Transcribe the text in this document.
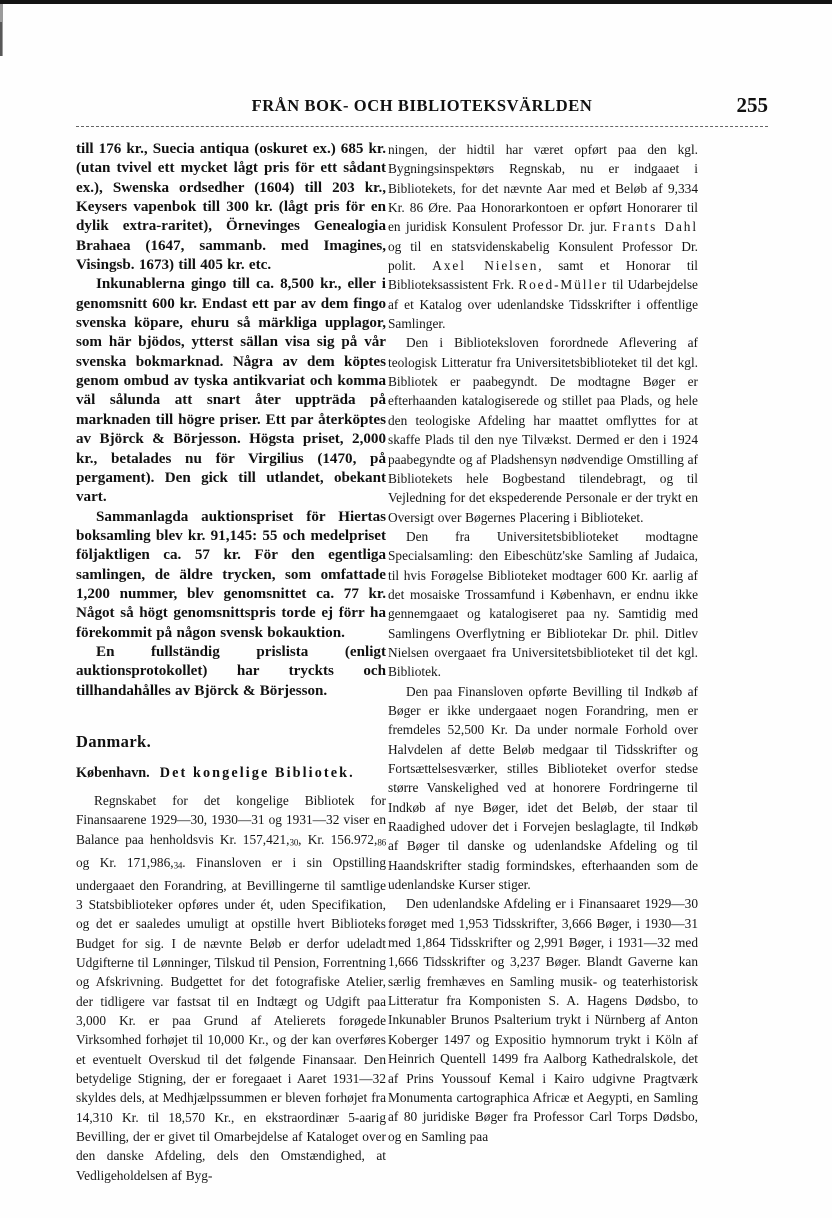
FRÅN BOK- OCH BIBLIOTEKSVÄRLDEN	255

till 176 kr., Suecia antiqua (oskuret ex.) 685 kr. (utan tvivel ett mycket lågt pris för ett sådant ex.), Swenska ordsedher (1604) till 203 kr., Keysers vapenbok till 300 kr. (lågt pris för en dylik extra-raritet), Örnevinges Genealogia Brahaea (1647, sammanb. med Imagines, Visingsb. 1673) till 405 kr. etc.

Inkunablerna gingo till ca. 8,500 kr., eller i genomsnitt 600 kr. Endast ett par av dem fingo svenska köpare, ehuru så märkliga upplagor, som här bjödos, ytterst sällan visa sig på vår svenska bokmarknad. Några av dem köptes genom ombud av tyska antikvariat och komma väl sålunda att snart åter uppträda på marknaden till högre priser. Ett par återköptes av Björck & Börjesson. Högsta priset, 2,000 kr., betalades nu för Virgilius (1470, på pergament). Den gick till utlandet, obekant vart.

Sammanlagda auktionspriset för Hiertas boksamling blev kr. 91,145: 55 och medelpriset följaktligen ca. 57 kr. För den egentliga samlingen, de äldre trycken, som omfattade 1,200 nummer, blev genomsnittet ca. 77 kr. Något så högt genomsnittspris torde ej förr ha förekommit på någon svensk bokauktion.

En fullständig prislista (enligt auktionsprotokollet) har tryckts och tillhandahålles av Björck & Börjesson.

Danmark.
København. Det kongelige Bibliotek.

Regnskabet for det kongelige Bibliotek for Finansaarene 1929—30, 1930—31 og 1931—32 viser en Balance paa henholdsvis Kr. 157,421,30, Kr. 156.972,86 og Kr. 171,986,34. Finansloven er i sin Opstilling undergaaet den Forandring, at Bevillingerne til samtlige 3 Statsbiblioteker opføres under ét, uden Specifikation, og det er saaledes umuligt at opstille hvert Biblioteks Budget for sig. I de nævnte Beløb er derfor udeladt Udgifterne til Lønninger, Tilskud til Pension, Forrentning og Afskrivning. Budgettet for det fotografiske Atelier, der tidligere var fastsat til en Indtægt og Udgift paa 3,000 Kr. er paa Grund af Atelierets forøgede Virksomhed forhøjet til 10,000 Kr., og der kan overføres et eventuelt Overskud til det følgende Finansaar. Den betydelige Stigning, der er foregaaet i Aaret 1931—32 skyldes dels, at Medhjælpssummen er bleven forhøjet fra 14,310 Kr. til 18,570 Kr., en ekstraordinær 5-aarig Bevilling, der er givet til Omarbejdelse af Kataloget over den danske Afdeling, dels den Omstændighed, at Vedligeholdelsen af Byg-

ningen, der hidtil har været opført paa den kgl. Bygningsinspektørs Regnskab, nu er indgaaet i Bibliotekets, for det nævnte Aar med et Beløb af 9,334 Kr. 86 Øre. Paa Honorarkontoen er opført Honorarer til en juridisk Konsulent Professor Dr. jur. Frants Dahl og til en statsvidenskabelig Konsulent Professor Dr. polit. Axel Nielsen, samt et Honorar til Biblioteksassistent Frk. Roed-Müller til Udarbejdelse af et Katalog over udenlandske Tidsskrifter i offentlige Samlinger.

Den i Biblioteksloven forordnede Aflevering af teologisk Litteratur fra Universitetsbiblioteket til det kgl. Bibliotek er paabegyndt. De modtagne Bøger er efterhaanden katalogiserede og stillet paa Plads, og hele den teologiske Afdeling har maattet omflyttes for at skaffe Plads til den nye Tilvækst. Dermed er den i 1924 paabegyndte og af Pladshensyn nødvendige Omstilling af Bibliotekets hele Bogbestand tilendebragt, og til Vejledning for det ekspederende Personale er der trykt en Oversigt over Bøgernes Placering i Biblioteket.

Den fra Universitetsbiblioteket modtagne Specialsamling: den Eibeschütz'ske Samling af Judaica, til hvis Forøgelse Biblioteket modtager 600 Kr. aarlig af det mosaiske Trossamfund i København, er endnu ikke gennemgaaet og katalogiseret paa ny. Samtidig med Samlingens Overflytning er Bibliotekar Dr. phil. Ditlev Nielsen overgaaet fra Universitetsbiblioteket til det kgl. Bibliotek.

Den paa Finansloven opførte Bevilling til Indkøb af Bøger er ikke undergaaet nogen Forandring, men er fremdeles 52,500 Kr. Da under normale Forhold over Halvdelen af dette Beløb medgaar til Tidsskrifter og Fortsættelsesværker, stilles Biblioteket overfor stedse større Vanskelighed ved at honorere Fordringerne til Indkøb af nye Bøger, idet det Beløb, der staar til Raadighed udover det i Forvejen beslaglagte, til Indkøb af Bøger til danske og udenlandske Afdeling og til Haandskrifter stadig formindskes, efterhaanden som de udenlandske Kurser stiger.

Den udenlandske Afdeling er i Finansaaret 1929—30 forøget med 1,953 Tidsskrifter, 3,666 Bøger, i 1930—31 med 1,864 Tidsskrifter og 2,991 Bøger, i 1931—32 med 1,666 Tidsskrifter og 3,237 Bøger. Blandt Gaverne kan særlig fremhæves en Samling musik- og teaterhistorisk Litteratur fra Komponisten S. A. Hagens Dødsbo, to Inkunabler Brunos Psalterium trykt i Nürnberg af Anton Koberger 1497 og Expositio hymnorum trykt i Köln af Heinrich Quentell 1499 fra Aalborg Kathedralskole, det af Prins Youssouf Kemal i Kairo udgivne Pragtværk Monumenta cartographica Africæ et Aegypti, en Samling af 80 juridiske Bøger fra Professor Carl Torps Dødsbo, og en Samling paa
